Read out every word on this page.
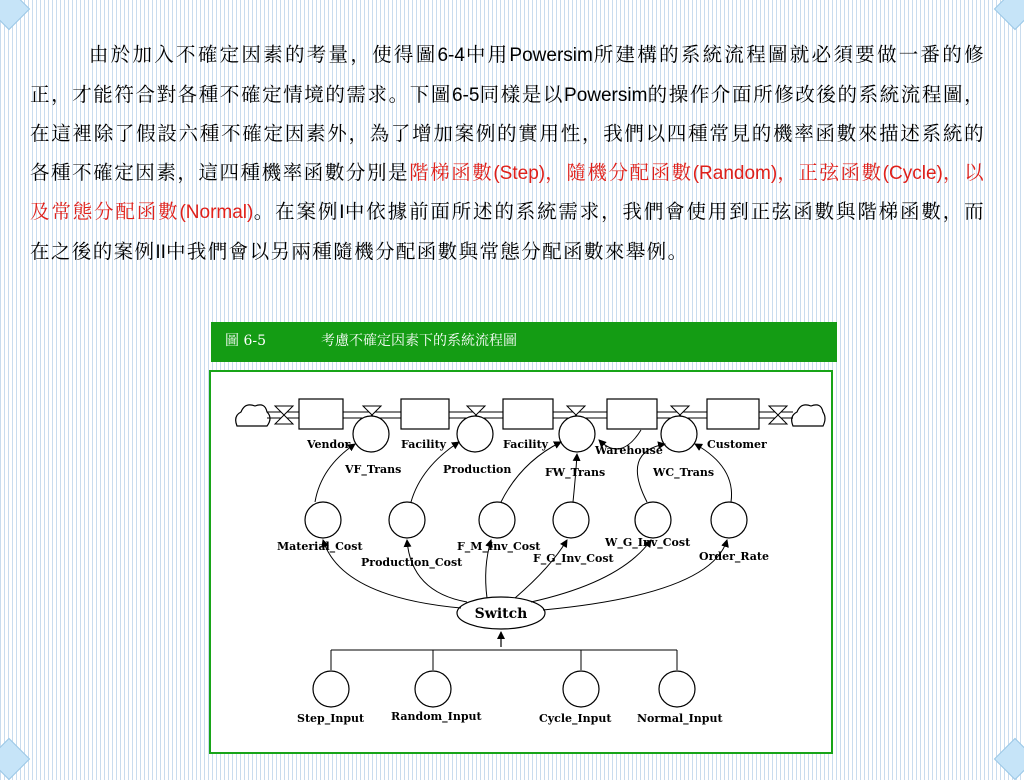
由於加入不確定因素的考量，使得圖6-4中用Powersim所建構的系統流程圖就必須要做一番的修正，才能符合對各種不確定情境的需求。下圖6-5同樣是以Powersim的操作介面所修改後的系統流程圖，在這裡除了假設六種不確定因素外，為了增加案例的實用性，我們以四種常見的機率函數來描述系統的各種不確定因素，這四種機率函數分別是階梯函數(Step)，隨機分配函數(Random)，正弦函數(Cycle)，以及常態分配函數(Normal)。在案例I中依據前面所述的系統需求，我們會使用到正弦函數與階梯函數，而在之後的案例II中我們會以另兩種隨機分配函數與常態分配函數來舉例。

圖 6-5	考慮不確定因素下的系統流程圖
Switch
Vendor	Facility	Facility	Warehouse	Customer
VF_Trans	Production	FW_Trans	WC_Trans
Material_Cost
Production_Cost
F_M_Inv_Cost
F_G_Inv_Cost
W_G_Inv_Cost
Order_Rate
Step_Input Random_Input	Cycle_Input Normal_Input
